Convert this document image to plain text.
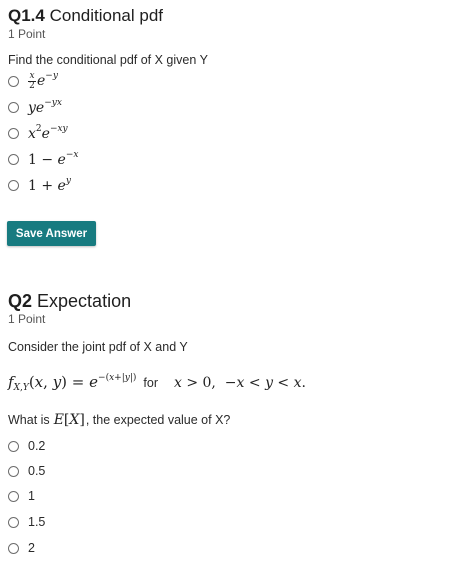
Q1.4 Conditional pdf
1 Point
Find the conditional pdf of X given Y
x
2 $e^{-y}$
$ye^{-yx}$
$x^2e^{-xy}$
$1 - e^{-x}$
$1 + e^y$
Save Answer
Q2 Expectation
1 Point
Consider the joint pdf of X and Y
$f_{X,Y}(x$, $y) = e^{-(x+|y|)}$ for x > 0,  −x < y < x.
What is E[X] , the expected value of X?
0.2
0.5
1
1.5
2
